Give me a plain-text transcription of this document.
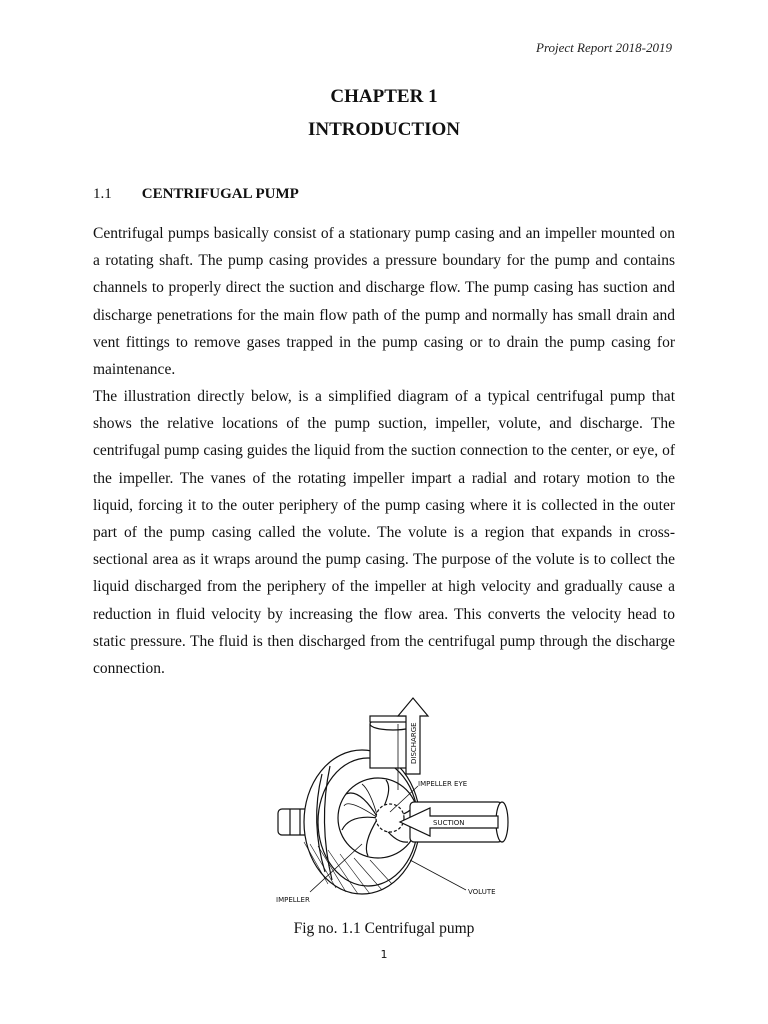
Project Report 2018-2019
CHAPTER 1
INTRODUCTION
1.1 CENTRIFUGAL PUMP

Centrifugal pumps basically consist of a stationary pump casing and an impeller mounted on a rotating shaft. The pump casing provides a pressure boundary for the pump and contains channels to properly direct the suction and discharge flow. The pump casing has suction and discharge penetrations for the main flow path of the pump and normally has small drain and vent fittings to remove gases trapped in the pump casing or to drain the pump casing for maintenance.

The illustration directly below, is a simplified diagram of a typical centrifugal pump that shows the relative locations of the pump suction, impeller, volute, and discharge. The centrifugal pump casing guides the liquid from the suction connection to the center, or eye, of the impeller. The vanes of the rotating impeller impart a radial and rotary motion to the liquid, forcing it to the outer periphery of the pump casing where it is collected in the outer part of the pump casing called the volute. The volute is a region that expands in cross-sectional area as it wraps around the pump casing. The purpose of the volute is to collect the liquid discharged from the periphery of the impeller at high velocity and gradually cause a reduction in fluid velocity by increasing the flow area. This converts the velocity head to static pressure. The fluid is then discharged from the centrifugal pump through the discharge connection.

DISCHARGE
SUCTION
IMPELLER EYE
IMPELLER
VOLUTE
Fig no. 1.1 Centrifugal pump
1
